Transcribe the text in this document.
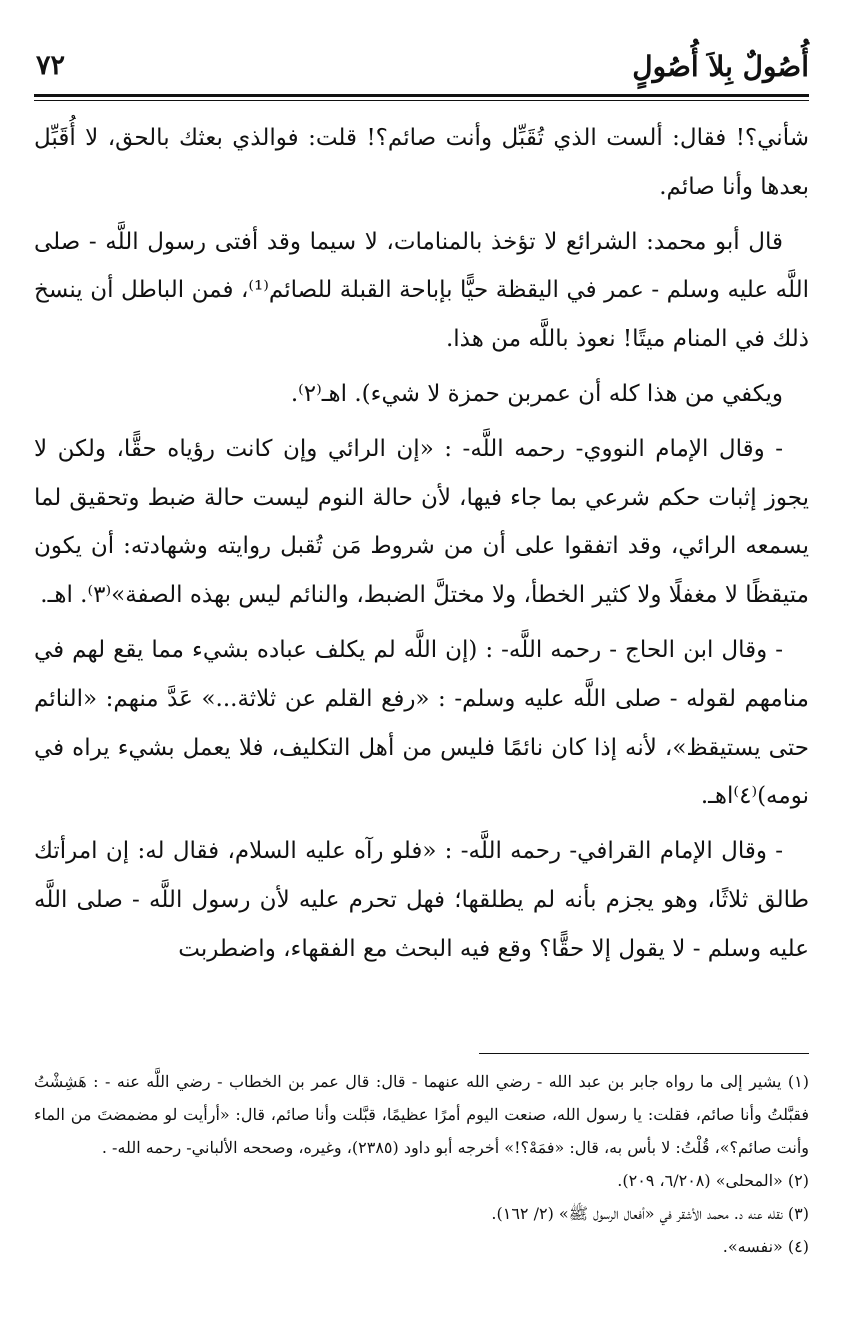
أُصُولٌ بِلاَ أُصُولٍ
٧٢

شأني؟! فقال: ألست الذي تُقَبِّل وأنت صائم؟! قلت: فوالذي بعثك بالحق، لا أُقَبِّل بعدها وأنا صائم.

قال أبو محمد: الشرائع لا تؤخذ بالمنامات، لا سيما وقد أفتى رسول اللَّه - صلى اللَّه عليه وسلم - عمر في اليقظة حيًّا بإباحة القبلة للصائم⁽¹⁾، فمن الباطل أن ينسخ ذلك في المنام ميتًا! نعوذ باللَّه من هذا.

ويكفي من هذا كله أن عمربن حمزة لا شيء). اهـ⁽٢⁾.

- وقال الإمام النووي- رحمه اللَّه- : «إن الرائي وإن كانت رؤياه حقًّا، ولكن لا يجوز إثبات حكم شرعي بما جاء فيها، لأن حالة النوم ليست حالة ضبط وتحقيق لما يسمعه الرائي، وقد اتفقوا على أن من شروط مَن تُقبل روايته وشهادته: أن يكون متيقظًا لا مغفلًا ولا كثير الخطأ، ولا مختلَّ الضبط، والنائم ليس بهذه الصفة»⁽٣⁾. اهـ.

- وقال ابن الحاج - رحمه اللَّه- : (إن اللَّه لم يكلف عباده بشيء مما يقع لهم في منامهم لقوله - صلى اللَّه عليه وسلم- : «رفع القلم عن ثلاثة...» عَدَّ منهم: «النائم حتى يستيقظ»، لأنه إذا كان نائمًا فليس من أهل التكليف، فلا يعمل بشيء يراه في نومه)⁽٤⁾اهـ.

- وقال الإمام القرافي- رحمه اللَّه- : «فلو رآه عليه السلام، فقال له: إن امرأتك طالق ثلاثًا، وهو يجزم بأنه لم يطلقها؛ فهل تحرم عليه لأن رسول اللَّه - صلى اللَّه عليه وسلم - لا يقول إلا حقًّا؟ وقع فيه البحث مع الفقهاء، واضطربت

(١) يشير إلى ما رواه جابر بن عبد الله - رضي الله عنهما - قال: قال عمر بن الخطاب - رضي اللَّه عنه - : هَشِشْتُ فقبَّلتُ وأنا صائم، فقلت: يا رسول الله، صنعت اليوم أمرًا عظيمًا، قبَّلت وأنا صائم، قال: «أرأيت لو مضمضتَ من الماء وأنت صائم؟»، قُلْتُ: لا بأس به، قال: «فمَهْ؟!» أخرجه أبو داود (٢٣٨٥)، وغيره، وصححه الألباني- رحمه الله- .

(٢) «المحلى» (٦/٢٠٨، ٢٠٩).

(٣) نقله عنه د. محمد الأشقر في «أفعال الرسول ﷺ» (٢/ ١٦٢).

(٤) «نفسه».
